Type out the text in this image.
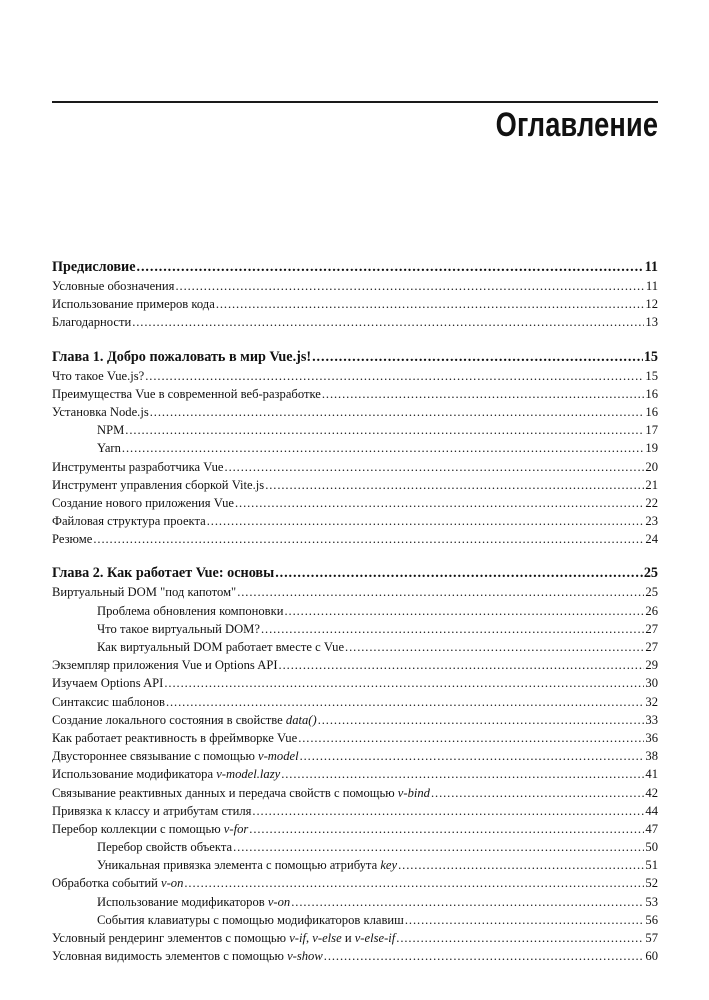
Оглавление
Предисловие .....	11
Условные обозначения .....	11
Использование примеров кода .....	12
Благодарности .....	13
Глава 1. Добро пожаловать в мир Vue.js! .....	15
Что такое Vue.js? .....	15
Преимущества Vue в современной веб-разработке .....	16
Установка Node.js .....	16
NPM .....	17
Yarn .....	19
Инструменты разработчика Vue .....	20
Инструмент управления сборкой Vite.js .....	21
Создание нового приложения Vue .....	22
Файловая структура проекта .....	23
Резюме .....	24
Глава 2. Как работает Vue: основы .....	25
Виртуальный DOM "под капотом" .....	25
Проблема обновления компоновки .....	26
Что такое виртуальный DOM? .....	27
Как виртуальный DOM работает вместе с Vue .....	27
Экземпляр приложения Vue и Options API .....	29
Изучаем Options API .....	30
Синтаксис шаблонов .....	32
Создание локального состояния в свойстве data() .....	33
Как работает реактивность в фреймворке Vue .....	36
Двустороннее связывание с помощью v-model .....	38
Использование модификатора v-model.lazy .....	41
Связывание реактивных данных и передача свойств с помощью v-bind .....	42
Привязка к классу и атрибутам стиля .....	44
Перебор коллекции с помощью v-for .....	47
Перебор свойств объекта .....	50
Уникальная привязка элемента с помощью атрибута key .....	51
Обработка событий v-on .....	52
Использование модификаторов v-on .....	53
События клавиатуры с помощью модификаторов клавиш .....	56
Условный рендеринг элементов с помощью v-if, v-else и v-else-if .....	57
Условная видимость элементов с помощью v-show .....	60
